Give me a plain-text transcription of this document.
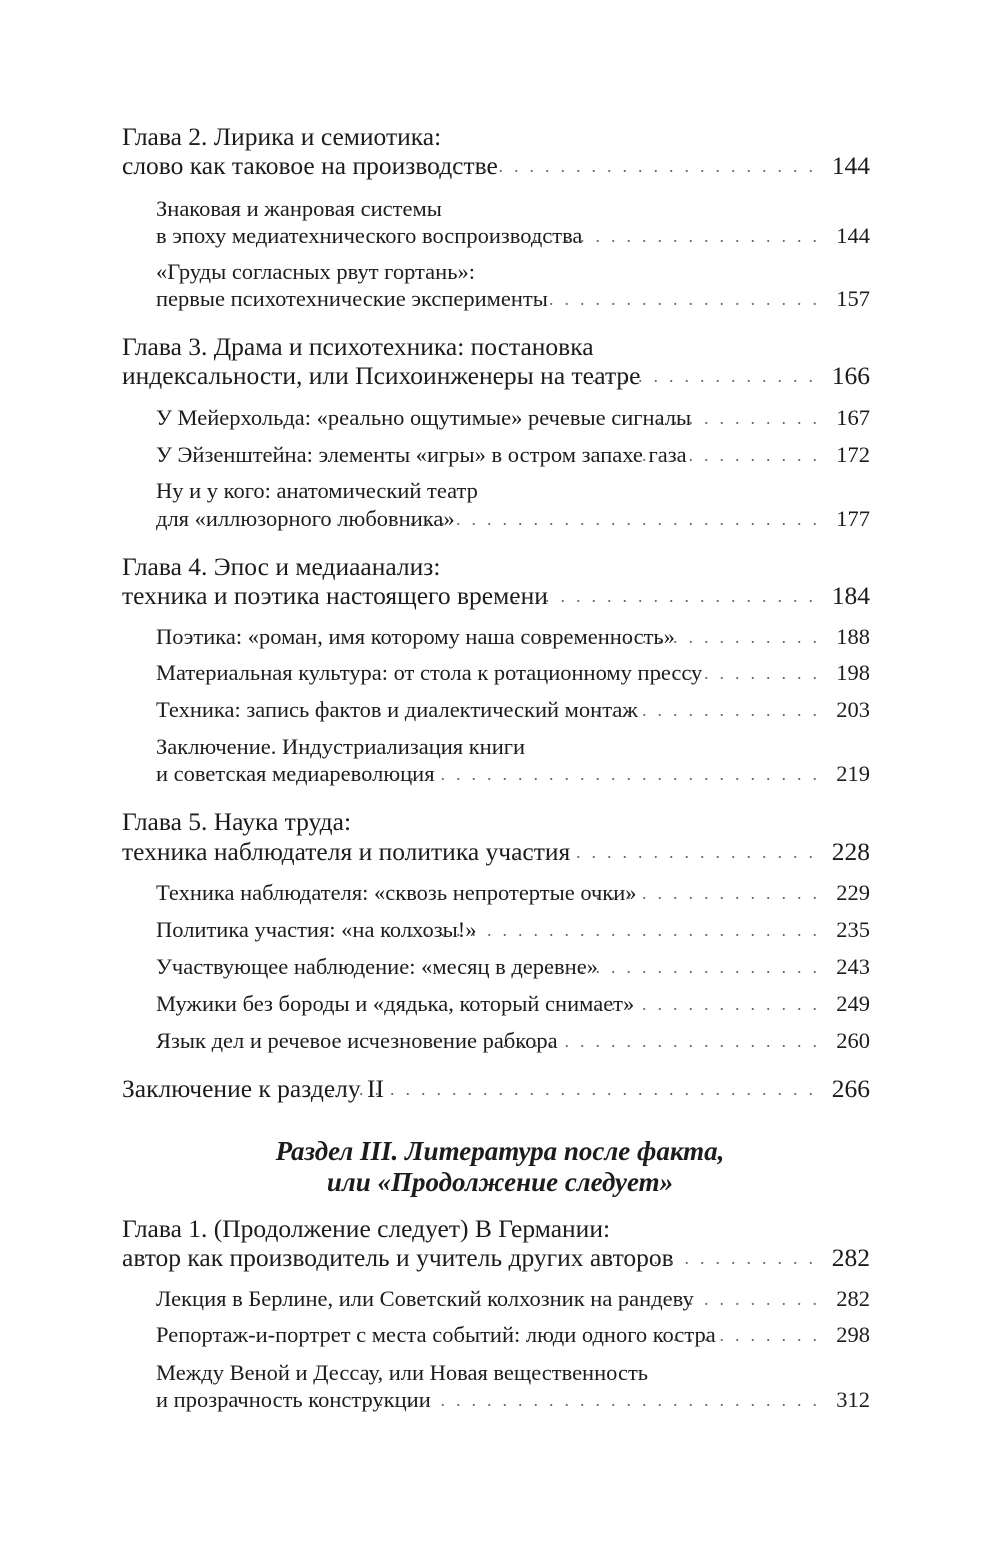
Глава 2. Лирика и семиотика:
слово как таковое на производстве
......................... 144
Знаковая и жанровая системы
в эпоху медиатехнического воспроизводства
................... 144
«Груды согласных рвут гортань»:
первые психотехнические эксперименты
...................... 157
Глава 3. Драма и психотехника: постановка
индексальности, или Психоинженеры на театре
............... 166
У Мейерхольда: «реально ощутимые» речевые сигналы
........... 167
У Эйзенштейна: элементы «игры» в остром запахе газа
............ 172
Ну и у кого: анатомический театр
для «иллюзорного любовника»
............................ 177
Глава 4. Эпос и медиаанализ:
техника и поэтика настоящего времени
..................... 184
Поэтика: «роман, имя которому наша современность»
............. 188
Материальная культура: от стола к ротационному прессу
........... 198
Техника: запись фактов и диалектический монтаж
............... 203
Заключение. Индустриализация книги
и советская медиареволюция
.............................. 219
Глава 5. Наука труда:
техника наблюдателя и политика участия
.................... 228
Техника наблюдателя: «сквозь непротертые очки»
............... 229
Политика участия: «на колхозы!»
........................... 235
Участвующее наблюдение: «месяц в деревне»
.................. 243
Мужики без бороды и «дядька, который снимает»
............... 249
Язык дел и речевое исчезновение рабкора
..................... 260
Заключение к разделу II
................................. 266
Раздел III. Литература после факта,
или «Продолжение следует»
Глава 1. (Продолжение следует) В Германии:
автор как производитель и учитель других авторов
............ 282
Лекция в Берлине, или Советский колхозник на рандеву
........... 282
Репортаж-и-портрет с места событий: люди одного костра
.......... 298
Между Веной и Дессау, или Новая вещественность
и прозрачность конструкции
.............................. 312
